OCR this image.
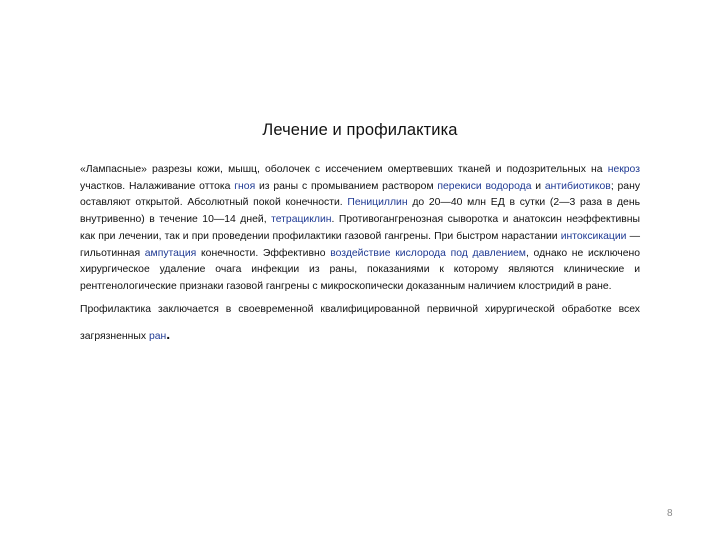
Лечение и профилактика

«Лампасные» разрезы кожи, мышц, оболочек с иссечением омертвевших тканей и подозрительных на некроз участков. Налаживание оттока гноя из раны с промыванием раствором перекиси водорода и антибиотиков; рану оставляют открытой. Абсолютный покой конечности. Пенициллин до 20—40 млн ЕД в сутки (2—3 раза в день внутривенно) в течение 10—14 дней, тетрациклин. Противогангренозная сыворотка и анатоксин неэффективны как при лечении, так и при проведении профилактики газовой гангрены. При быстром нарастании интоксикации — гильотинная ампутация конечности. Эффективно воздействие кислорода под давлением, однако не исключено хирургическое удаление очага инфекции из раны, показаниями к которому являются клинические и рентгенологические признаки газовой гангрены с микроскопически доказанным наличием клостридий в ране.

Профилактика заключается в своевременной квалифицированной первичной хирургической обработке всех загрязненных ран.

8
